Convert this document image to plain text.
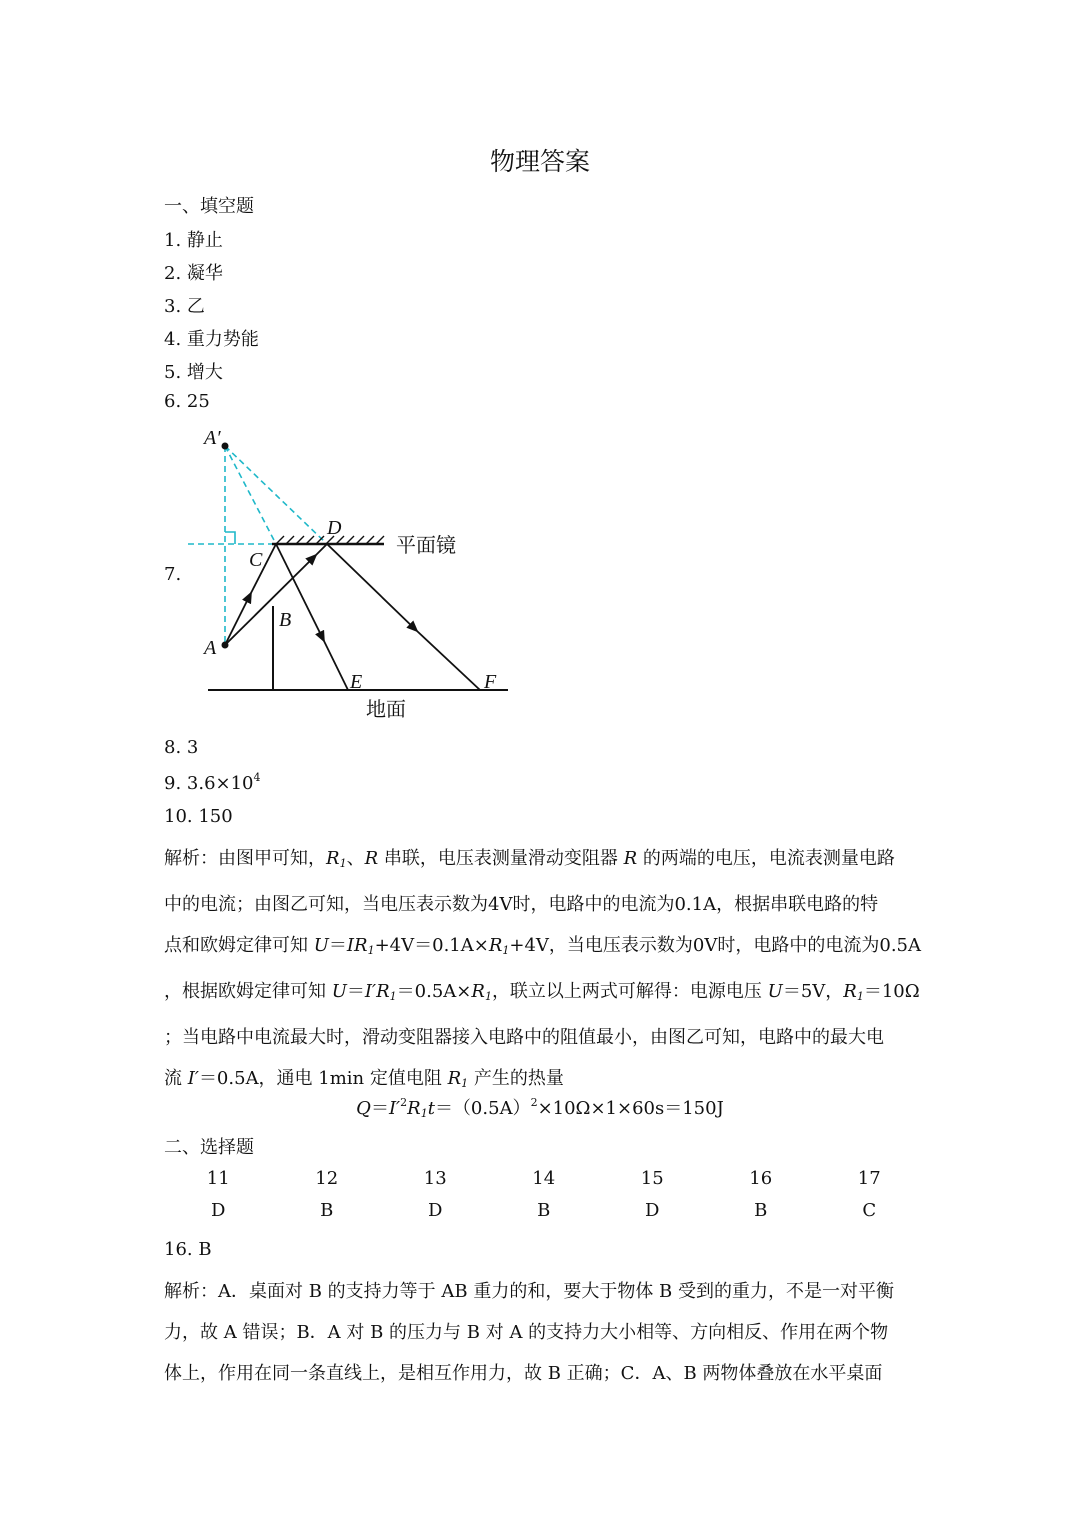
物理答案
一、填空题
1. 静止
2. 凝华
3. 乙
4. 重力势能
5. 增大
6. 25
7.
A′
A
B
C
D
E	F
平面镜
地面
8. 3
9. $3.6\times 10^4$
10. 150
解析：由图甲可知，$R_1$、R 串联，电压表测量滑动变阻器 R 的两端的电压，电流表测量电路
中的电流；由图乙可知，当电压表示数为4V时，电路中的电流为0.1A，根据串联电路的特
点和欧姆定律可知 $U=IR_1+4V=0.1A\times R_1+4V$，当电压表示数为0V时，电路中的电流为0.5A
，根据欧姆定律可知 $U=I'R_1=0.5A\times R_1$，联立以上两式可解得：电源电压 U＝5V，$R_1=10\Omega$
；当电路中电流最大时，滑动变阻器接入电路中的阻值最小，由图乙可知，电路中的最大电
流 I′＝0.5A，通电 1min 定值电阻 $R_1$ 产生的热量
$Q=I'^2R_1t=(0.5A)^2\times 10\Omega\times 1\times 60s=150J$
二、选择题
11	12	13	14	15	16	17
D	B	D	B	D	B	C
16. B
解析：A．桌面对 B 的支持力等于 AB 重力的和，要大于物体 B 受到的重力，不是一对平衡
力，故 A 错误；B．A 对 B 的压力与 B 对 A 的支持力大小相等、方向相反、作用在两个物
体上，作用在同一条直线上，是相互作用力，故 B 正确；C．A、B 两物体叠放在水平桌面
